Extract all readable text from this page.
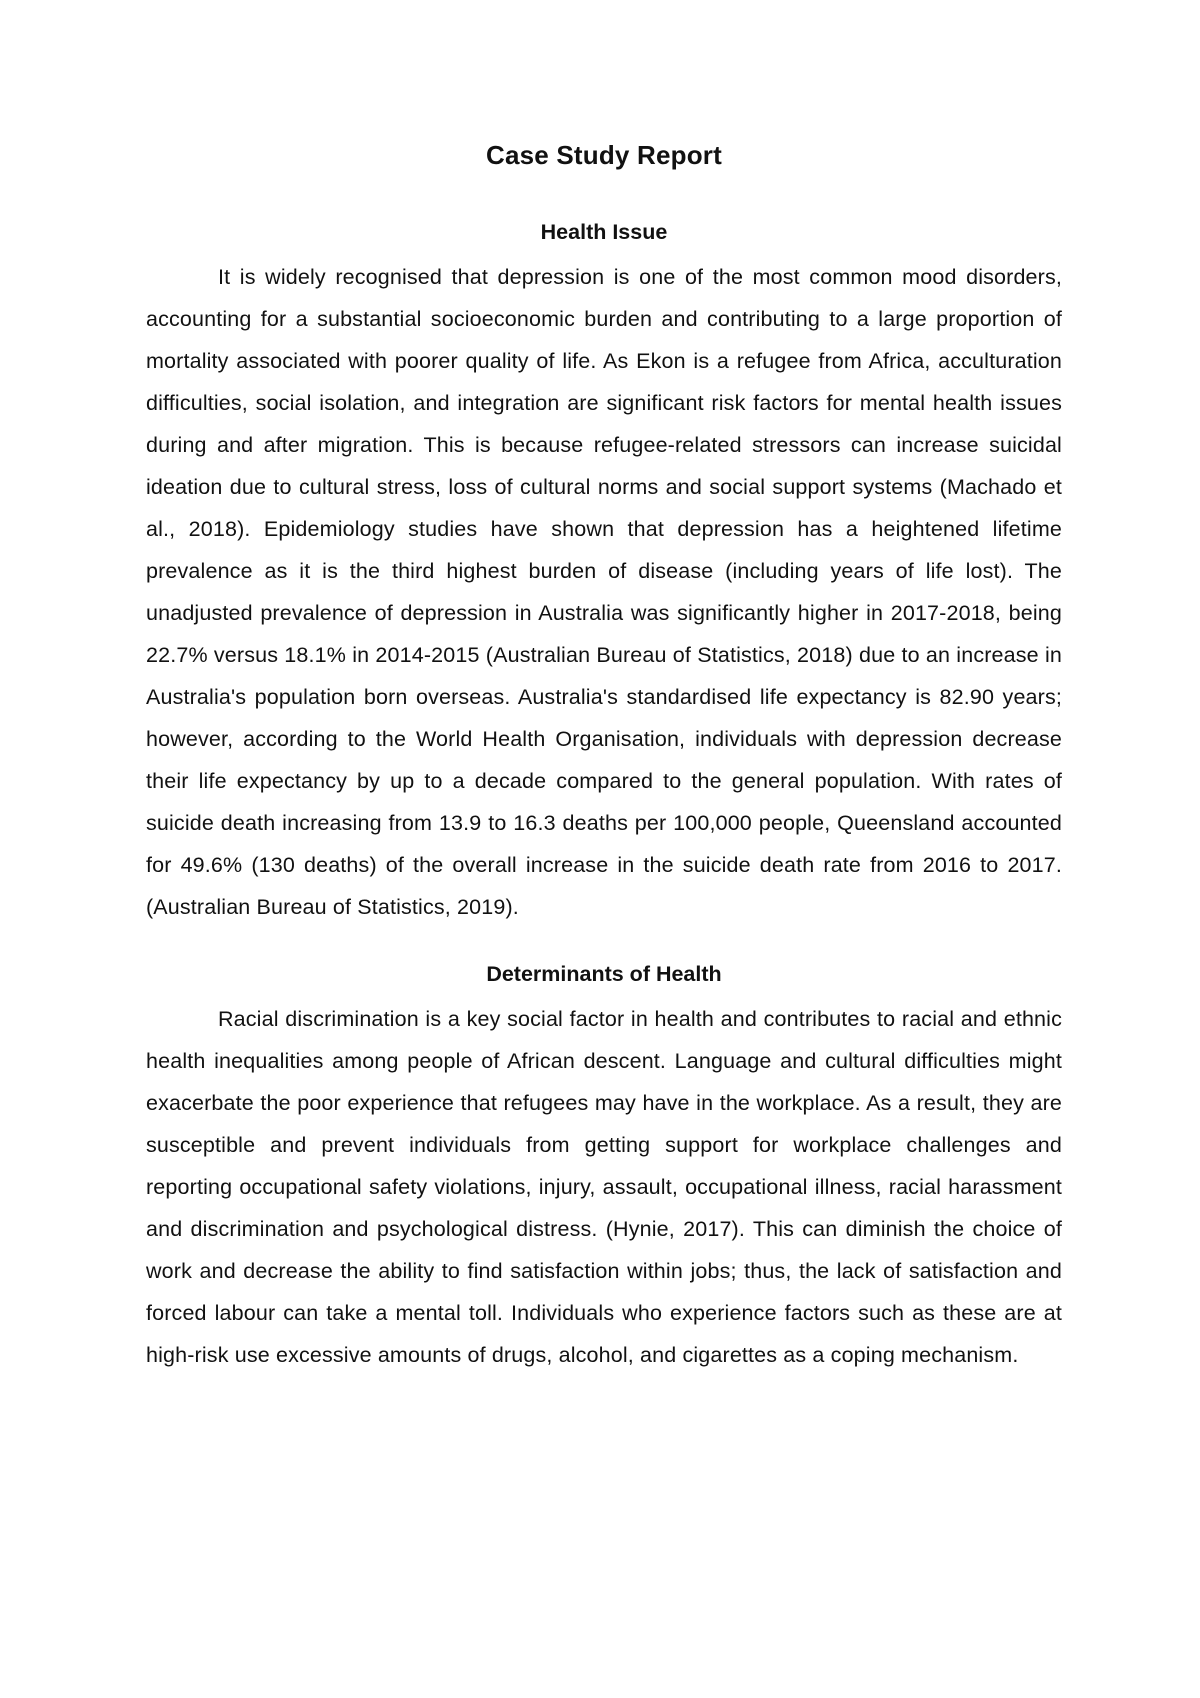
Case Study Report
Health Issue

It is widely recognised that depression is one of the most common mood disorders, accounting for a substantial socioeconomic burden and contributing to a large proportion of mortality associated with poorer quality of life. As Ekon is a refugee from Africa, acculturation difficulties, social isolation, and integration are significant risk factors for mental health issues during and after migration. This is because refugee-related stressors can increase suicidal ideation due to cultural stress, loss of cultural norms and social support systems (Machado et al., 2018). Epidemiology studies have shown that depression has a heightened lifetime prevalence as it is the third highest burden of disease (including years of life lost). The unadjusted prevalence of depression in Australia was significantly higher in 2017-2018, being 22.7% versus 18.1% in 2014-2015 (Australian Bureau of Statistics, 2018) due to an increase in Australia's population born overseas. Australia's standardised life expectancy is 82.90 years; however, according to the World Health Organisation, individuals with depression decrease their life expectancy by up to a decade compared to the general population. With rates of suicide death increasing from 13.9 to 16.3 deaths per 100,000 people, Queensland accounted for 49.6% (130 deaths) of the overall increase in the suicide death rate from 2016 to 2017. (Australian Bureau of Statistics, 2019).

Determinants of Health

Racial discrimination is a key social factor in health and contributes to racial and ethnic health inequalities among people of African descent. Language and cultural difficulties might exacerbate the poor experience that refugees may have in the workplace. As a result, they are susceptible and prevent individuals from getting support for workplace challenges and reporting occupational safety violations, injury, assault, occupational illness, racial harassment and discrimination and psychological distress. (Hynie, 2017). This can diminish the choice of work and decrease the ability to find satisfaction within jobs; thus, the lack of satisfaction and forced labour can take a mental toll. Individuals who experience factors such as these are at high-risk use excessive amounts of drugs, alcohol, and cigarettes as a coping mechanism.
